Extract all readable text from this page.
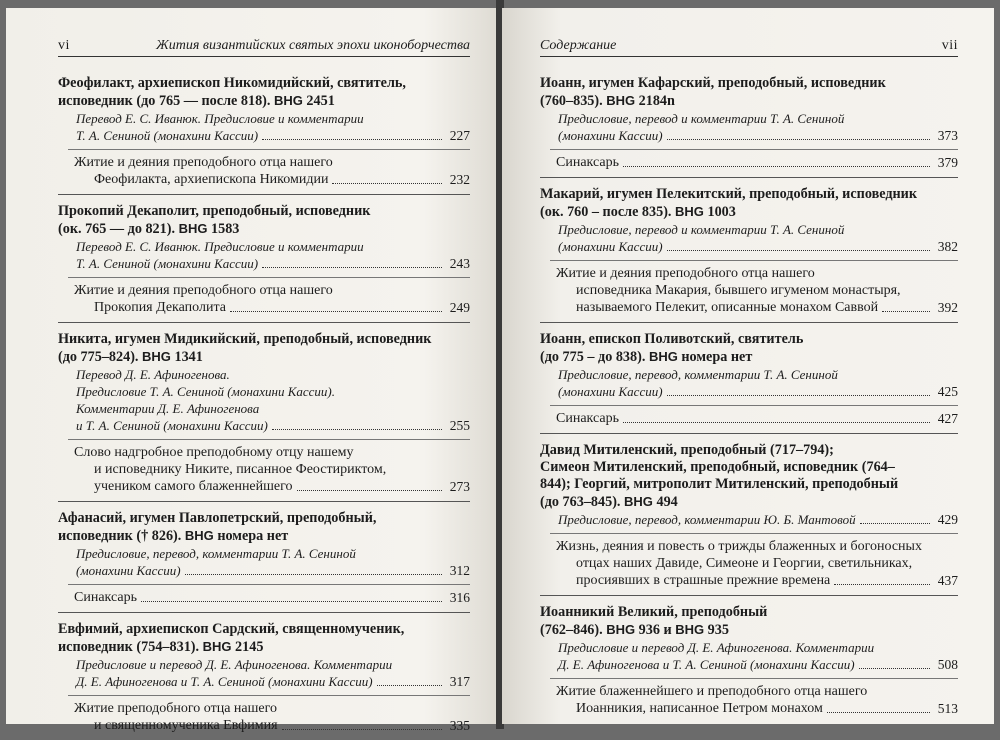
vi	Жития византийских святых эпохи иконоборчества
Феофилакт, архиепископ Никомидийский, святитель,
исповедник (до 765 — после 818). BHG 2451
Перевод Е. С. Иванюк. Предисловие и комментарии
Т. А. Сениной (монахини Кассии)	227
Житие и деяния преподобного отца нашего
Феофилакта, архиепископа Никомидии	232
Прокопий Декаполит, преподобный, исповедник
(ок. 765 — до 821). BHG 1583
Перевод Е. С. Иванюк. Предисловие и комментарии
Т. А. Сениной (монахини Кассии)	243
Житие и деяния преподобного отца нашего
Прокопия Декаполита	249
Никита, игумен Мидикийский, преподобный, исповедник
(до 775–824). BHG 1341
Перевод Д. Е. Афиногенова.
Предисловие Т. А. Сениной (монахини Кассии).
Комментарии Д. Е. Афиногенова
и Т. А. Сениной (монахини Кассии)	255
Слово надгробное преподобному отцу нашему
и исповеднику Никите, писанное Феостириктом,
учеником самого блаженнейшего	273
Афанасий, игумен Павлопетрский, преподобный,
исповедник († 826). BHG номера нет
Предисловие, перевод, комментарии Т. А. Сениной
(монахини Кассии)	312
Синаксарь	316
Евфимий, архиепископ Сардский, священномученик,
исповедник (754–831). BHG 2145
Предисловие и перевод Д. Е. Афиногенова. Комментарии
Д. Е. Афиногенова и Т. А. Сениной (монахини Кассии)	317
Житие преподобного отца нашего
и священномученика Евфимия	335
Содержание	vii
Иоанн, игумен Кафарский, преподобный, исповедник
(760–835). BHG 2184n
Предисловие, перевод и комментарии Т. А. Сениной
(монахини Кассии)	373
Синаксарь	379
Макарий, игумен Пелекитский, преподобный, исповедник
(ок. 760 – после 835). BHG 1003
Предисловие, перевод и комментарии Т. А. Сениной
(монахини Кассии)	382
Житие и деяния преподобного отца нашего
исповедника Макария, бывшего игуменом монастыря,
называемого Пелекит, описанные монахом Саввой	392
Иоанн, епископ Поливотский, святитель
(до 775 – до 838). BHG номера нет
Предисловие, перевод, комментарии Т. А. Сениной
(монахини Кассии)	425
Синаксарь	427
Давид Митиленский, преподобный (717–794);
Симеон Митиленский, преподобный, исповедник (764–
844); Георгий, митрополит Митиленский, преподобный
(до 763–845). BHG 494
Предисловие, перевод, комментарии Ю. Б. Мантовой	429
Жизнь, деяния и повесть о трижды блаженных и богоносных
отцах наших Давиде, Симеоне и Георгии, светильниках,
просиявших в страшные прежние времена	437
Иоанникий Великий, преподобный
(762–846). BHG 936 и BHG 935
Предисловие и перевод Д. Е. Афиногенова. Комментарии
Д. Е. Афиногенова и Т. А. Сениной (монахини Кассии)	508
Житие блаженнейшего и преподобного отца нашего
Иоанникия, написанное Петром монахом	513
